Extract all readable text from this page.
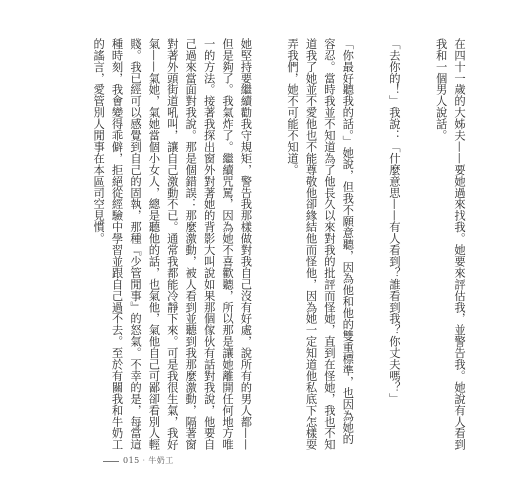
在四十一歲的大姊夫——要她過來找我。她要來評估我，並警告我。她說有人看到我和一個男人說話。

「去你的！」我說：「什麼意思——有人看到？誰看到我？你丈夫嗎？」

「你最好聽我的話。」她說，但我不願意聽，因為他和他的雙重標準，也因為她的容忍。當時我並不知道為了他長久以來對我的批評而怪她，直到在怪她，我也不知道我了她並不愛他也不能尊敬他卻緣結他而怪他，因為她一定知道他私底下怎樣耍弄我們，她不可能不知道。

她堅持要繼續勸我守規矩，警告我那樣做對我自己沒有好處，說所有的男人都——但是夠了。我氣炸了。繼續咒罵，因為她不喜歡聽，所以那是讓她離開任何地方唯一的方法。接著我探出窗外對著她的背影大叫說如果那個傢伙有話對我說，他要自己過來當面對我說。那是個錯誤：那麼激動，被人看到並聽到我那麼激動，隔著窗對著外頭街道吼叫，讓自己激動不已。通常我都能冷靜下來。可是我很生氣，我好氣——氣她，氣她當個小女人，總是聽他的話，也氣他，氣他自己可鄙卻看別人輕賤。我已經可以感覺到自己的固執，那種『少管閒事』的怒氣。不幸的是，每當這種時刻，我會變得乖僻，拒絕從經驗中學習並跟自己過不去。至於有關我和牛奶工的謠言，愛管別人閒事在本區司空見慣。

015‧牛奶工
